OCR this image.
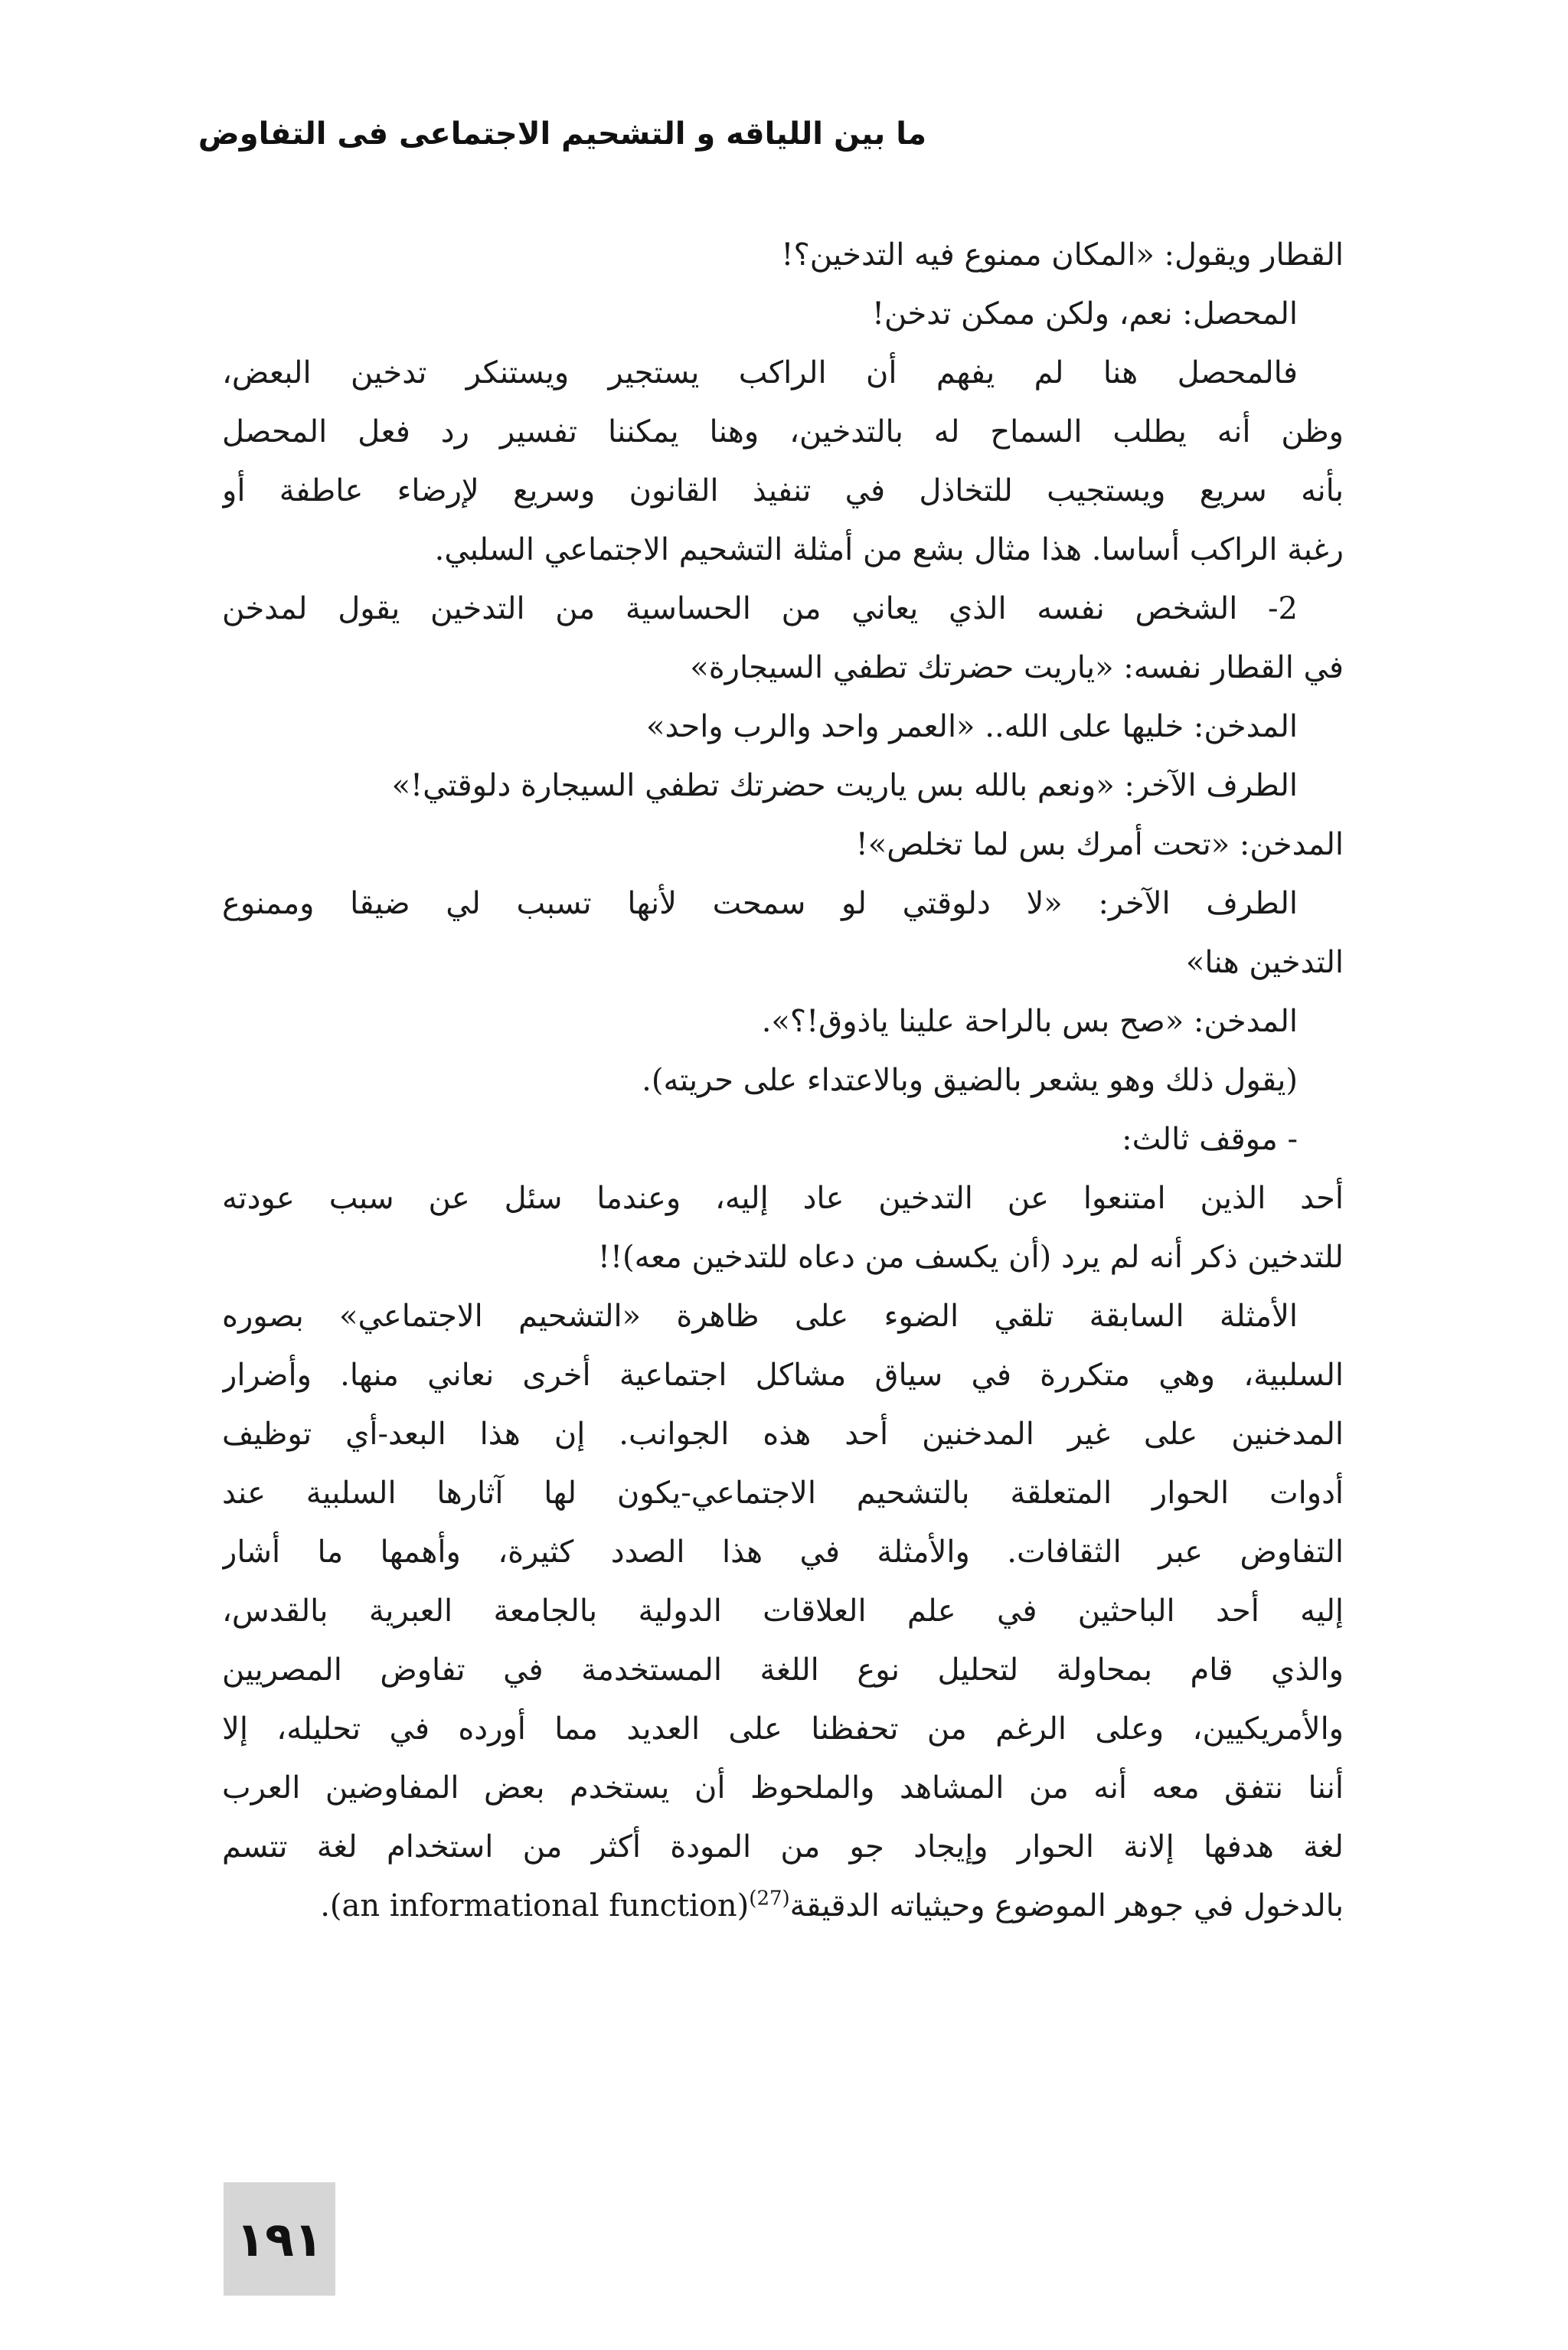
ما بين اللياقه و التشحيم الاجتماعى فى التفاوض
القطار ويقول: «المكان ممنوع فيه التدخين؟!
المحصل: نعم، ولكن ممكن تدخن!
فالمحصل هنا لم يفهم أن الراكب يستجير ويستنكر تدخين البعض،
وظن أنه يطلب السماح له بالتدخين، وهنا يمكننا تفسير رد فعل المحصل
بأنه سريع ويستجيب للتخاذل في تنفيذ القانون وسريع لإرضاء عاطفة أو
رغبة الراكب أساسا. هذا مثال بشع من أمثلة التشحيم الاجتماعي السلبي.
2- الشخص نفسه الذي يعاني من الحساسية من التدخين يقول لمدخن
في القطار نفسه: «ياريت حضرتك تطفي السيجارة»
المدخن: خليها على الله.. «العمر واحد والرب واحد»
الطرف الآخر: «ونعم بالله بس ياريت حضرتك تطفي السيجارة دلوقتي!»
المدخن: «تحت أمرك بس لما تخلص»!
الطرف الآخر: «لا دلوقتي لو سمحت لأنها تسبب لي ضيقا وممنوع
التدخين هنا»
المدخن: «صح بس بالراحة علينا ياذوق!؟».
(يقول ذلك وهو يشعر بالضيق وبالاعتداء على حريته).
- موقف ثالث:
أحد الذين امتنعوا عن التدخين عاد إليه، وعندما سئل عن سبب عودته
للتدخين ذكر أنه لم يرد (أن يكسف من دعاه للتدخين معه)!!
الأمثلة السابقة تلقي الضوء على ظاهرة «التشحيم الاجتماعي» بصوره
السلبية، وهي متكررة في سياق مشاكل اجتماعية أخرى نعاني منها. وأضرار
المدخنين على غير المدخنين أحد هذه الجوانب. إن هذا البعد-أي توظيف
أدوات الحوار المتعلقة بالتشحيم الاجتماعي-يكون لها آثارها السلبية عند
التفاوض عبر الثقافات. والأمثلة في هذا الصدد كثيرة، وأهمها ما أشار
إليه أحد الباحثين في علم العلاقات الدولية بالجامعة العبرية بالقدس،
والذي قام بمحاولة لتحليل نوع اللغة المستخدمة في تفاوض المصريين
والأمريكيين، وعلى الرغم من تحفظنا على العديد مما أورده في تحليله، إلا
أننا نتفق معه أنه من المشاهد والملحوظ أن يستخدم بعض المفاوضين العرب
لغة هدفها إلانة الحوار وإيجاد جو من المودة أكثر من استخدام لغة تتسم
بالدخول في جوهر الموضوع وحيثياته الدقيقة$^{(27)}$(an informational function).
١٩١
